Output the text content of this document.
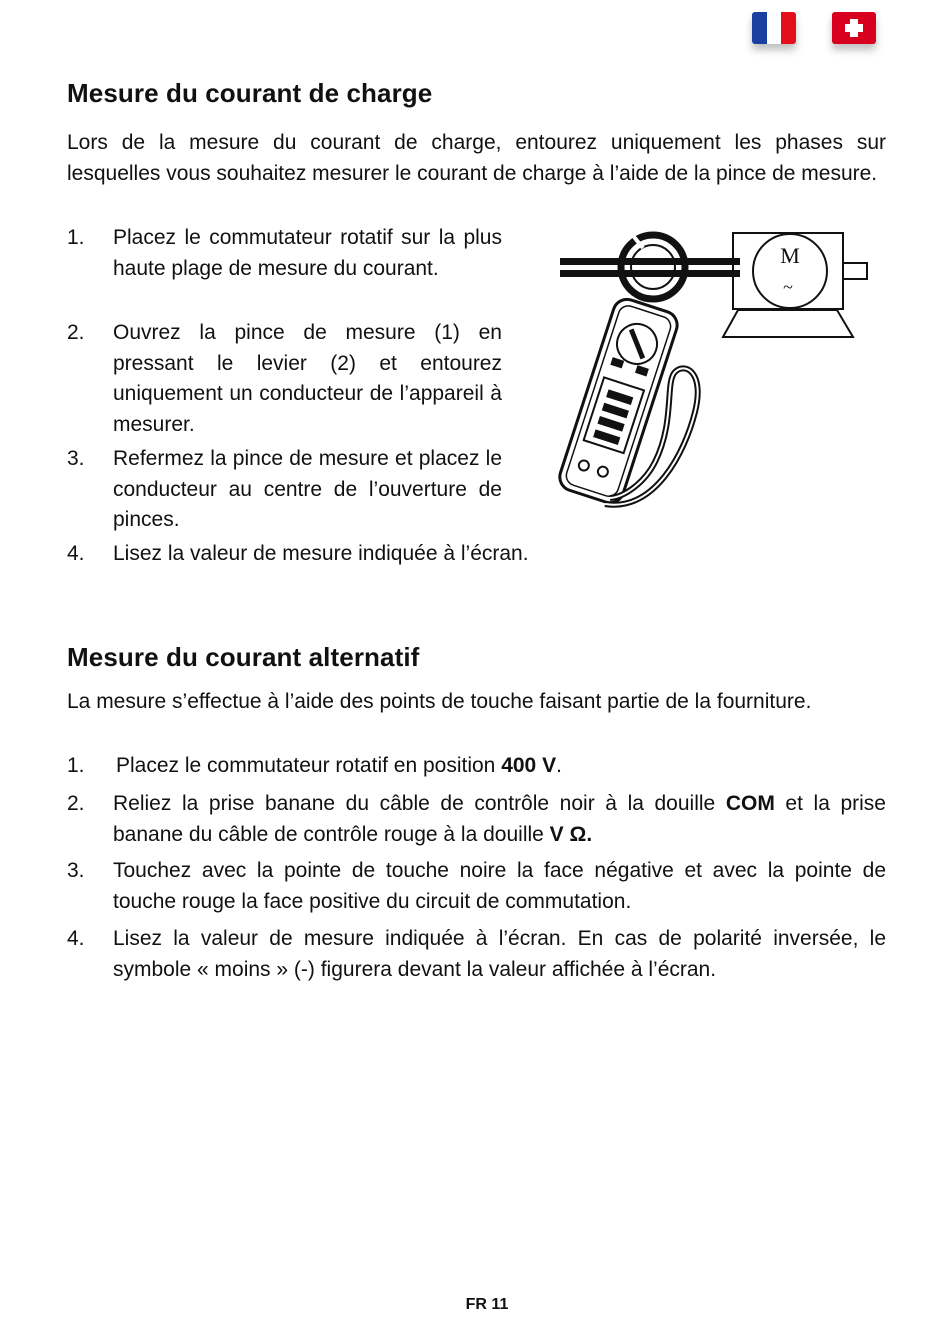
Mesure du courant de charge

Lors de la mesure du courant de charge, entourez uniquement les phases sur lesquelles vous souhaitez mesurer le courant de charge à l’aide de la pince de mesure.

1. Placez le commutateur rotatif sur la plus haute plage de mesure du courant.
2. Ouvrez la pince de mesure (1) en pressant le levier (2) et entourez uniquement un conducteur de l’appareil à mesurer.
3. Refermez la pince de mesure et placez le conducteur au centre de l’ouverture de pinces.
4. Lisez la valeur de mesure indiquée à l’écran.
M
~
Mesure du courant alternatif

La mesure s’effectue à l’aide des points de touche faisant partie de la fourniture.

1. Placez le commutateur rotatif en position 400 V.
2. Reliez la prise banane du câble de contrôle noir à la douille COM et la prise banane du câble de contrôle rouge à la douille V Ω.
3. Touchez avec la pointe de touche noire la face négative et avec la pointe de touche rouge la face positive du circuit de commutation.
4. Lisez la valeur de mesure indiquée à l’écran. En cas de polarité inversée, le symbole « moins » (-) figurera devant la valeur affichée à l’écran.
FR 11
